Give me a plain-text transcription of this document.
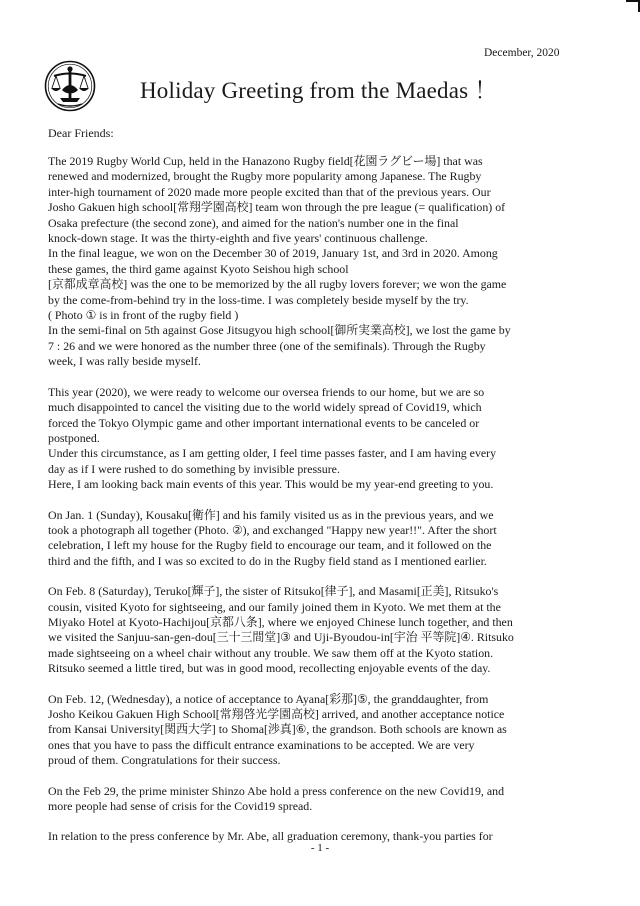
December, 2020
Holiday Greeting from the Maedas ！
Dear Friends:

The 2019 Rugby World Cup, held in the Hanazono Rugby field[花園ラグビー場] that was
renewed and modernized, brought the Rugby more popularity among Japanese. The Rugby
inter-high tournament of 2020 made more people excited than that of the previous years. Our
Josho Gakuen high school[常翔学園高校] team won through the pre league (= qualification) of
Osaka prefecture (the second zone), and aimed for the nation's number one in the final
knock-down stage. It was the thirty-eighth and five years' continuous challenge.

In the final league, we won on the December 30 of 2019, January 1st, and 3rd in 2020. Among
these games, the third game against Kyoto Seishou high school
[京都成章高校] was the one to be memorized by the all rugby lovers forever; we won the game
by the come-from-behind try in the loss-time. I was completely beside myself by the try.
( Photo ① is in front of the rugby field )

In the semi-final on 5th against Gose Jitsugyou high school[御所実業高校], we lost the game by
7 : 26 and we were honored as the number three (one of the semifinals). Through the Rugby
week, I was rally beside myself.

This year (2020), we were ready to welcome our oversea friends to our home, but we are so
much disappointed to cancel the visiting due to the world widely spread of Covid19, which
forced the Tokyo Olympic game and other important international events to be canceled or
postponed.

Under this circumstance, as I am getting older, I feel time passes faster, and I am having every
day as if I were rushed to do something by invisible pressure.

Here, I am looking back main events of this year. This would be my year-end greeting to you.

On Jan. 1 (Sunday), Kousaku[衛作] and his family visited us as in the previous years, and we
took a photograph all together (Photo. ②), and exchanged "Happy new year!!". After the short
celebration, I left my house for the Rugby field to encourage our team, and it followed on the
third and the fifth, and I was so excited to do in the Rugby field stand as I mentioned earlier.

On Feb. 8 (Saturday), Teruko[輝子], the sister of Ritsuko[律子], and Masami[正美], Ritsuko's
cousin, visited Kyoto for sightseeing, and our family joined them in Kyoto. We met them at the
Miyako Hotel at Kyoto-Hachijou[京都八条], where we enjoyed Chinese lunch together, and then
we visited the Sanjuu-san-gen-dou[三十三間堂]③ and Uji-Byoudou-in[宇治 平等院]④. Ritsuko
made sightseeing on a wheel chair without any trouble. We saw them off at the Kyoto station.
Ritsuko seemed a little tired, but was in good mood, recollecting enjoyable events of the day.

On Feb. 12, (Wednesday), a notice of acceptance to Ayana[彩那]⑤, the granddaughter, from
Josho Keikou Gakuen High School[常翔啓光学園高校] arrived, and another acceptance notice
from Kansai University[関西大学] to Shoma[渉真]⑥, the grandson. Both schools are known as
ones that you have to pass the difficult entrance examinations to be accepted. We are very
proud of them. Congratulations for their success.

On the Feb 29, the prime minister Shinzo Abe hold a press conference on the new Covid19, and
more people had sense of crisis for the Covid19 spread.

In relation to the press conference by Mr. Abe, all graduation ceremony, thank-you parties for

- 1 -
